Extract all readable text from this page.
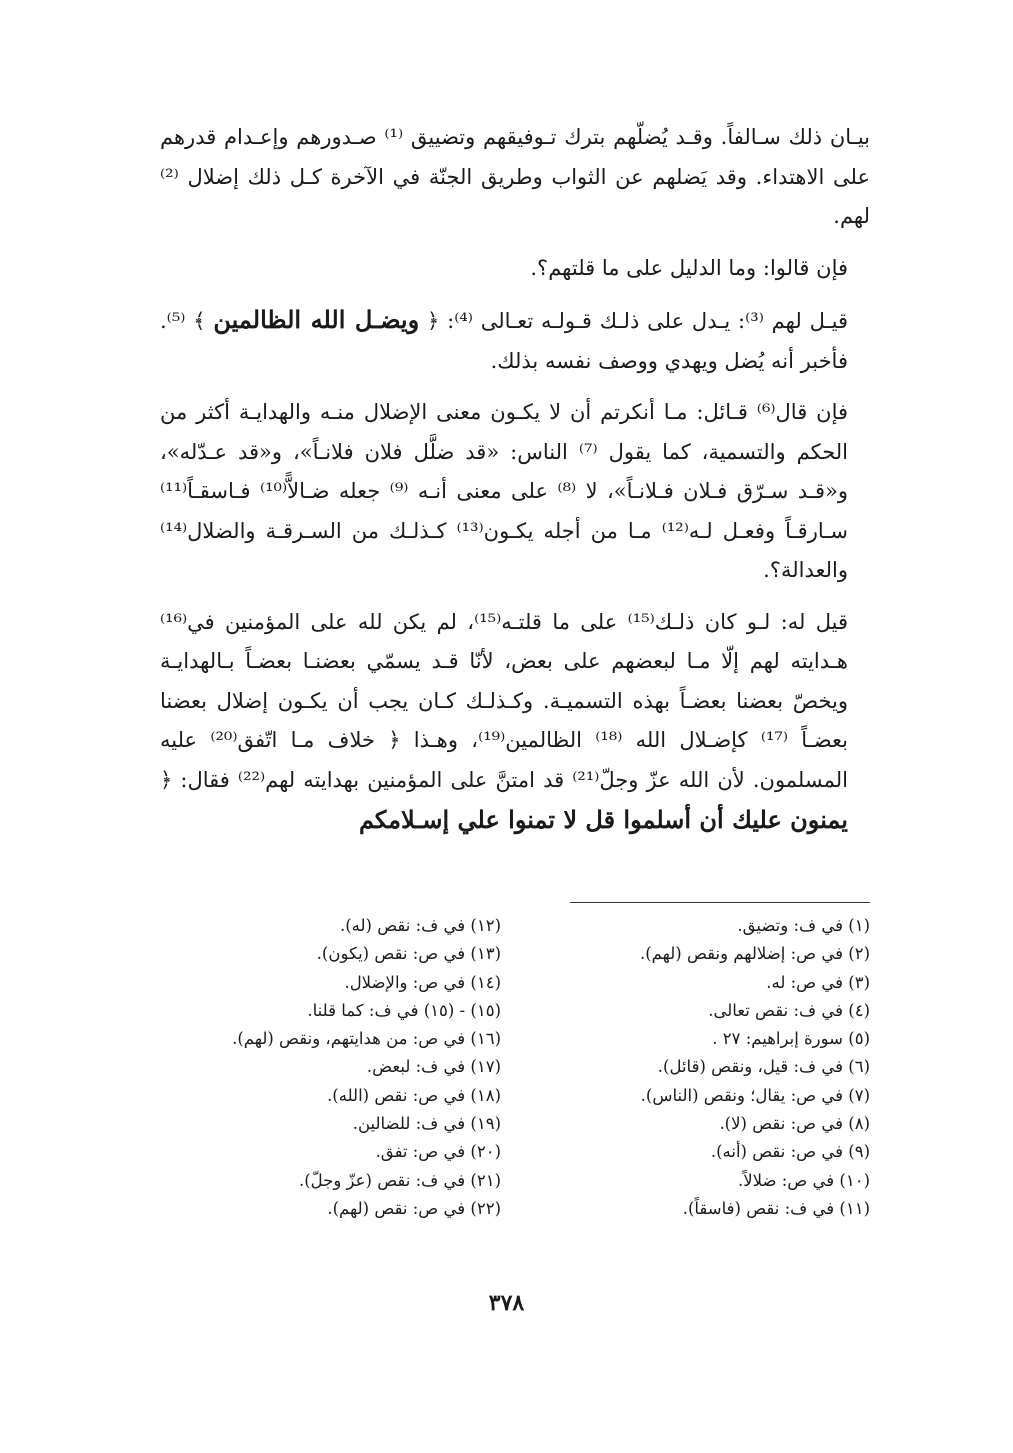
بيـان ذلك سـالفاً. وقـد يُضلّهم بترك تـوفيقهم وتضييق ⁽¹⁾ صـدورهم وإعـدام قدرهم على الاهتداء. وقد يَضلهم عن الثواب وطريق الجنّة في الآخرة كـل ذلك إضلال ⁽²⁾ لهم.

فإن قالوا: وما الدليل على ما قلتهم؟.

قيـل لهم ⁽³⁾: يـدل على ذلـك قـولـه تعـالى ⁽⁴⁾: ﴿ ويضـل الله الظالمين ﴾ ⁽⁵⁾. فأخبر أنه يُضل ويهدي ووصف نفسه بذلك.

فإن قال⁽⁶⁾ قـائل: مـا أنكرتم أن لا يكـون معنى الإضلال منـه والهدايـة أكثر من الحكم والتسمية، كما يقول ⁽⁷⁾ الناس: «قد ضلَّل فلان فلانـاً»، و«قد عـدّله»، و«قـد سـرّق فـلان فـلانـاً»، لا ⁽⁸⁾ على معنى أنـه ⁽⁹⁾ جعله ضـالاًّ⁽¹⁰⁾ فـاسقـاً⁽¹¹⁾سـارقـاً وفعـل لـه⁽¹²⁾ مـا من أجله يكـون⁽¹³⁾ كـذلـك من السـرقـة والضلال⁽¹⁴⁾ والعدالة؟.

قيل له: لـو كان ذلـك⁽¹⁵⁾ على ما قلتـه⁽¹⁵⁾، لم يكن لله على المؤمنين في⁽¹⁶⁾ هـدايته لهم إلّا مـا لبعضهم على بعض، لأنّا قـد يسمّي بعضنـا بعضـاً بـالهدايـة ويخصّ بعضنا بعضـاً بهذه التسميـة. وكـذلـك كـان يجب أن يكـون إضلال بعضنا بعضـاً ⁽¹⁷⁾ كإضـلال الله ⁽¹⁸⁾ الظالمين⁽¹⁹⁾، وهـذا ﴿ خلاف مـا اتّفق⁽²⁰⁾ عليه المسلمون. لأن الله عزّ وجلّ⁽²¹⁾ قد امتنَّ على المؤمنين بهدايته لهم⁽²²⁾ فقال: ﴿ يمنون عليك أن أسلموا قل لا تمنوا علي إسـلامكم

(١) في ف: وتضيق.
(٢) في ص: إضلالهم ونقص (لهم).
(٣) في ص: له.
(٤) في ف: نقص تعالى.
(٥) سورة إبراهيم: ٢٧ .
(٦) في ف: قيل، ونقص (قائل).
(٧) في ص: يقال؛ ونقص (الناس).
(٨) في ص: نقص (لا).
(٩) في ص: نقص (أنه).
(١٠) في ص: ضلالاً.
(١١) في ف: نقص (فاسقاً).
(١٢) في ف: نقص (له).
(١٣) في ص: نقص (يكون).
(١٤) في ص: والإضلال.
(١٥) - (١٥) في ف: كما قلنا.
(١٦) في ص: من هدايتهم، ونقص (لهم).
(١٧) في ف: لبعض.
(١٨) في ص: نقص (الله).
(١٩) في ف: للضالين.
(٢٠) في ص: تفق.
(٢١) في ف: نقص (عزّ وجلّ).
(٢٢) في ص: نقص (لهم).
٣٧٨
